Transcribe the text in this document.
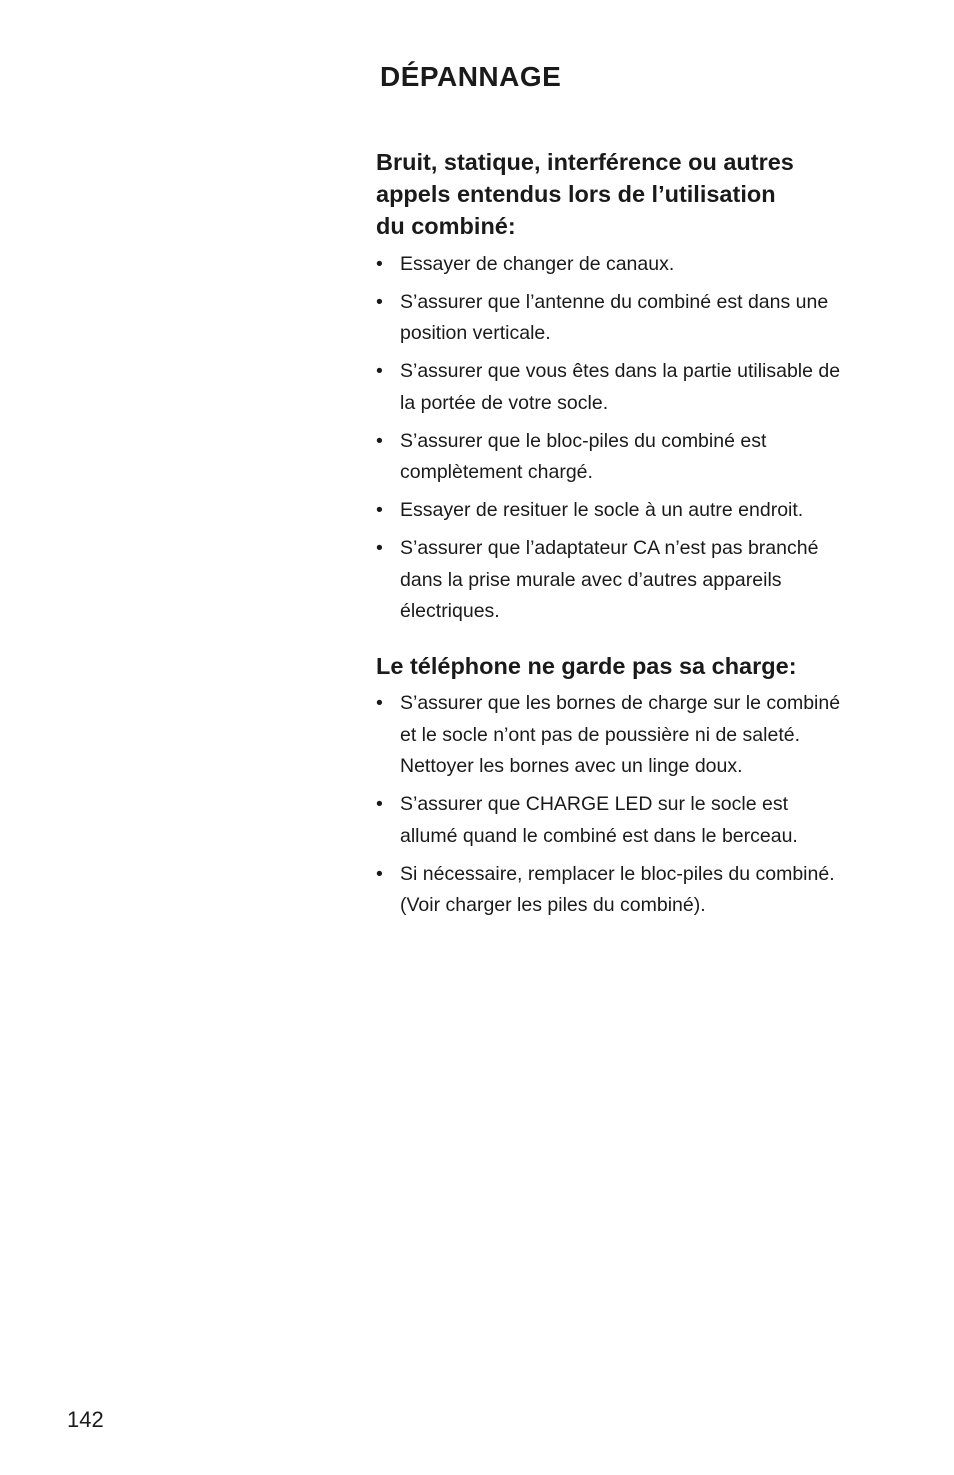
DÉPANNAGE
Bruit, statique, interférence ou autres
appels entendus lors de l’utilisation
du combiné:
• Essayer de changer de canaux.
• S’assurer que l’antenne du combiné est dans une
position verticale.
• S’assurer que vous êtes dans la partie utilisable de
la portée de votre socle.
• S’assurer que le bloc-piles du combiné est
complètement chargé.
• Essayer de resituer le socle à un autre endroit.
• S’assurer que l’adaptateur CA n’est pas branché
dans la prise murale avec d’autres appareils
électriques.
Le téléphone ne garde pas sa charge:
• S’assurer que les bornes de charge sur le combiné
et le socle n’ont pas de poussière ni de saleté.
Nettoyer les bornes avec un linge doux.
• S’assurer que CHARGE LED sur le socle est
allumé quand le combiné est dans le berceau.
• Si nécessaire, remplacer le bloc-piles du combiné.
(Voir charger les piles du combiné).
142
